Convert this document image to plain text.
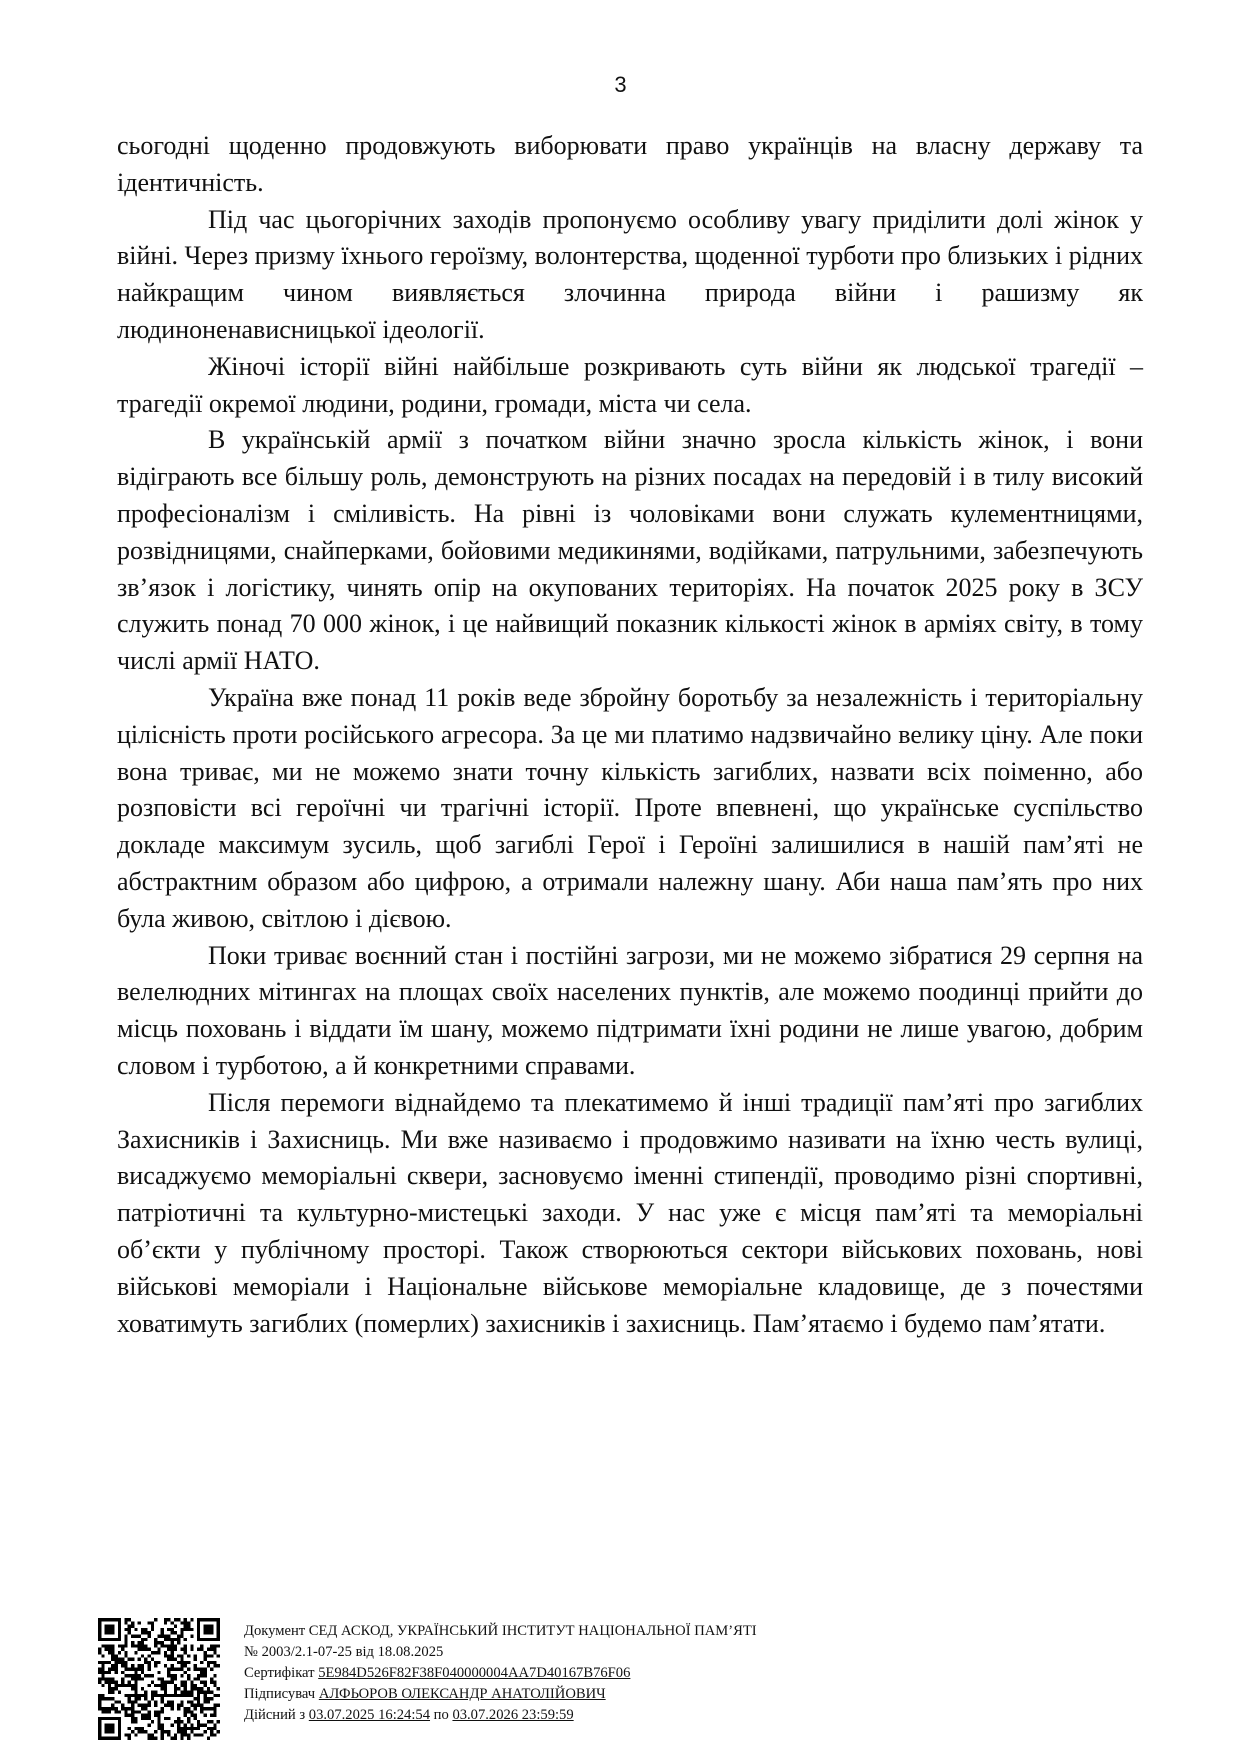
3

сьогодні щоденно продовжують виборювати право українців на власну державу та ідентичність.

Під час цьогорічних заходів пропонуємо особливу увагу приділити долі жінок у війні. Через призму їхнього героїзму, волонтерства, щоденної турботи про близьких і рідних найкращим чином виявляється злочинна природа війни і рашизму як людиноненависницької ідеології.

Жіночі історії війні найбільше розкривають суть війни як людської трагедії – трагедії окремої людини, родини, громади, міста чи села.

В українській армії з початком війни значно зросла кількість жінок, і вони відіграють все більшу роль, демонструють на різних посадах на передовій і в тилу високий професіоналізм і сміливість. На рівні із чоловіками вони служать кулементницями, розвідницями, снайперками, бойовими медикинями, водійками, патрульними, забезпечують зв’язок і логістику, чинять опір на окупованих територіях. На початок 2025 року в ЗСУ служить понад 70 000 жінок, і це найвищий показник кількості жінок в арміях світу, в тому числі армії НАТО.

Україна вже понад 11 років веде збройну боротьбу за незалежність і територіальну цілісність проти російського агресора. За це ми платимо надзвичайно велику ціну. Але поки вона триває, ми не можемо знати точну кількість загиблих, назвати всіх поіменно, або розповісти всі героїчні чи трагічні історії. Проте впевнені, що українське суспільство докладе максимум зусиль, щоб загиблі Герої і Героїні залишилися в нашій пам’яті не абстрактним образом або цифрою, а отримали належну шану. Аби наша пам’ять про них була живою, світлою і дієвою.

Поки триває воєнний стан і постійні загрози, ми не можемо зібратися 29 серпня на велелюдних мітингах на площах своїх населених пунктів, але можемо поодинці прийти до місць поховань і віддати їм шану, можемо підтримати їхні родини не лише увагою, добрим словом і турботою, а й конкретними справами.

Після перемоги віднайдемо та плекатимемо й інші традиції пам’яті про загиблих Захисників і Захисниць. Ми вже називаємо і продовжимо називати на їхню честь вулиці, висаджуємо меморіальні сквери, засновуємо іменні стипендії, проводимо різні спортивні, патріотичні та культурно-мистецькі заходи. У нас уже є місця пам’яті та меморіальні об’єкти у публічному просторі. Також створюються сектори військових поховань, нові військові меморіали і Національне військове меморіальне кладовище, де з почестями ховатимуть загиблих (померлих) захисників і захисниць. Пам’ятаємо і будемо пам’ятати.

Документ СЕД АСКОД, УКРАЇНСЬКИЙ ІНСТИТУТ НАЦІОНАЛЬНОЇ ПАМ’ЯТІ
№ 2003/2.1-07-25 від 18.08.2025
Сертифікат 5E984D526F82F38F040000004AA7D40167B76F06
Підписувач АЛФЬОРОВ ОЛЕКСАНДР АНАТОЛІЙОВИЧ
Дійсний з 03.07.2025 16:24:54 по 03.07.2026 23:59:59
